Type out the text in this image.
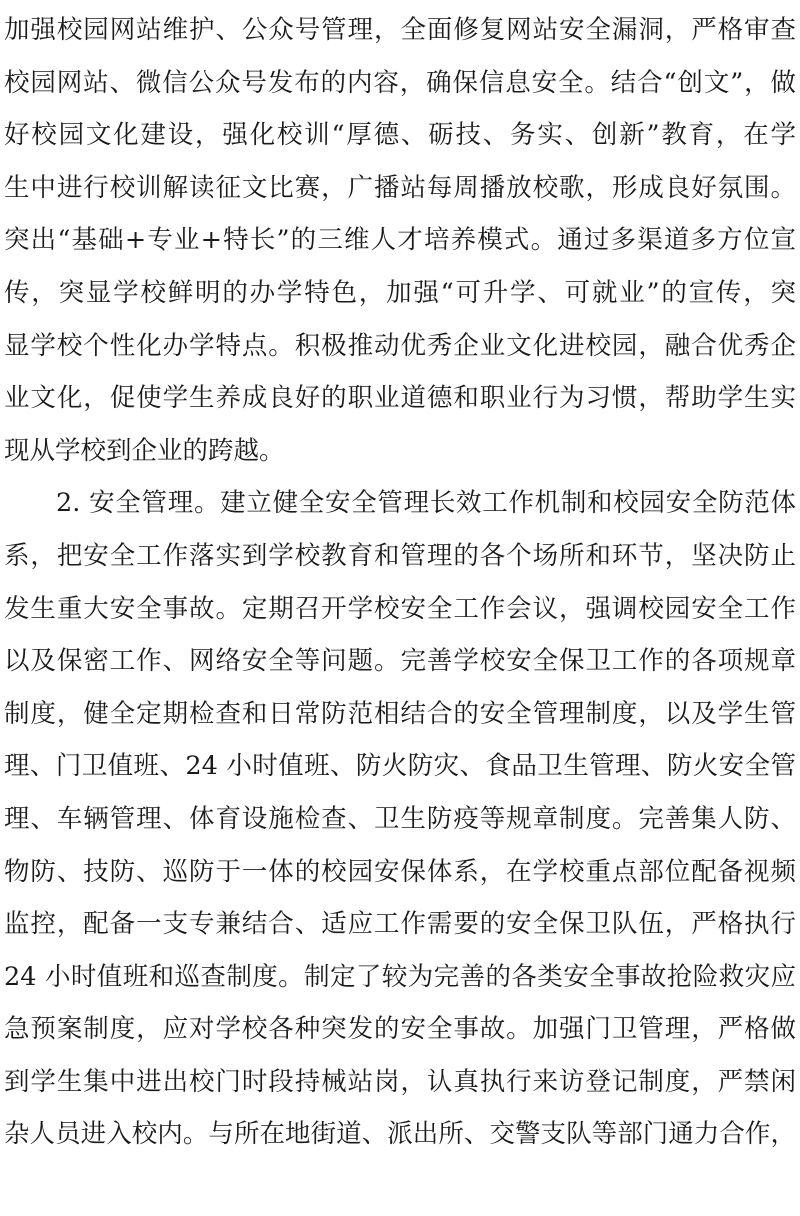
加强校园网站维护、公众号管理，全面修复网站安全漏洞，严格审查
校园网站、微信公众号发布的内容，确保信息安全。结合“创文”，做
好校园文化建设，强化校训“厚德、砺技、务实、创新”教育，在学
生中进行校训解读征文比赛，广播站每周播放校歌，形成良好氛围。
突出“基础+专业+特长”的三维人才培养模式。通过多渠道多方位宣
传，突显学校鲜明的办学特色，加强“可升学、可就业”的宣传，突
显学校个性化办学特点。积极推动优秀企业文化进校园，融合优秀企
业文化，促使学生养成良好的职业道德和职业行为习惯，帮助学生实
现从学校到企业的跨越。
2. 安全管理。建立健全安全管理长效工作机制和校园安全防范体
系，把安全工作落实到学校教育和管理的各个场所和环节，坚决防止
发生重大安全事故。定期召开学校安全工作会议，强调校园安全工作
以及保密工作、网络安全等问题。完善学校安全保卫工作的各项规章
制度，健全定期检查和日常防范相结合的安全管理制度，以及学生管
理、门卫值班、24 小时值班、防火防灾、食品卫生管理、防火安全管
理、车辆管理、体育设施检查、卫生防疫等规章制度。完善集人防、
物防、技防、巡防于一体的校园安保体系，在学校重点部位配备视频
监控，配备一支专兼结合、适应工作需要的安全保卫队伍，严格执行
24 小时值班和巡查制度。制定了较为完善的各类安全事故抢险救灾应
急预案制度，应对学校各种突发的安全事故。加强门卫管理，严格做
到学生集中进出校门时段持械站岗，认真执行来访登记制度，严禁闲
杂人员进入校内。与所在地街道、派出所、交警支队等部门通力合作，
